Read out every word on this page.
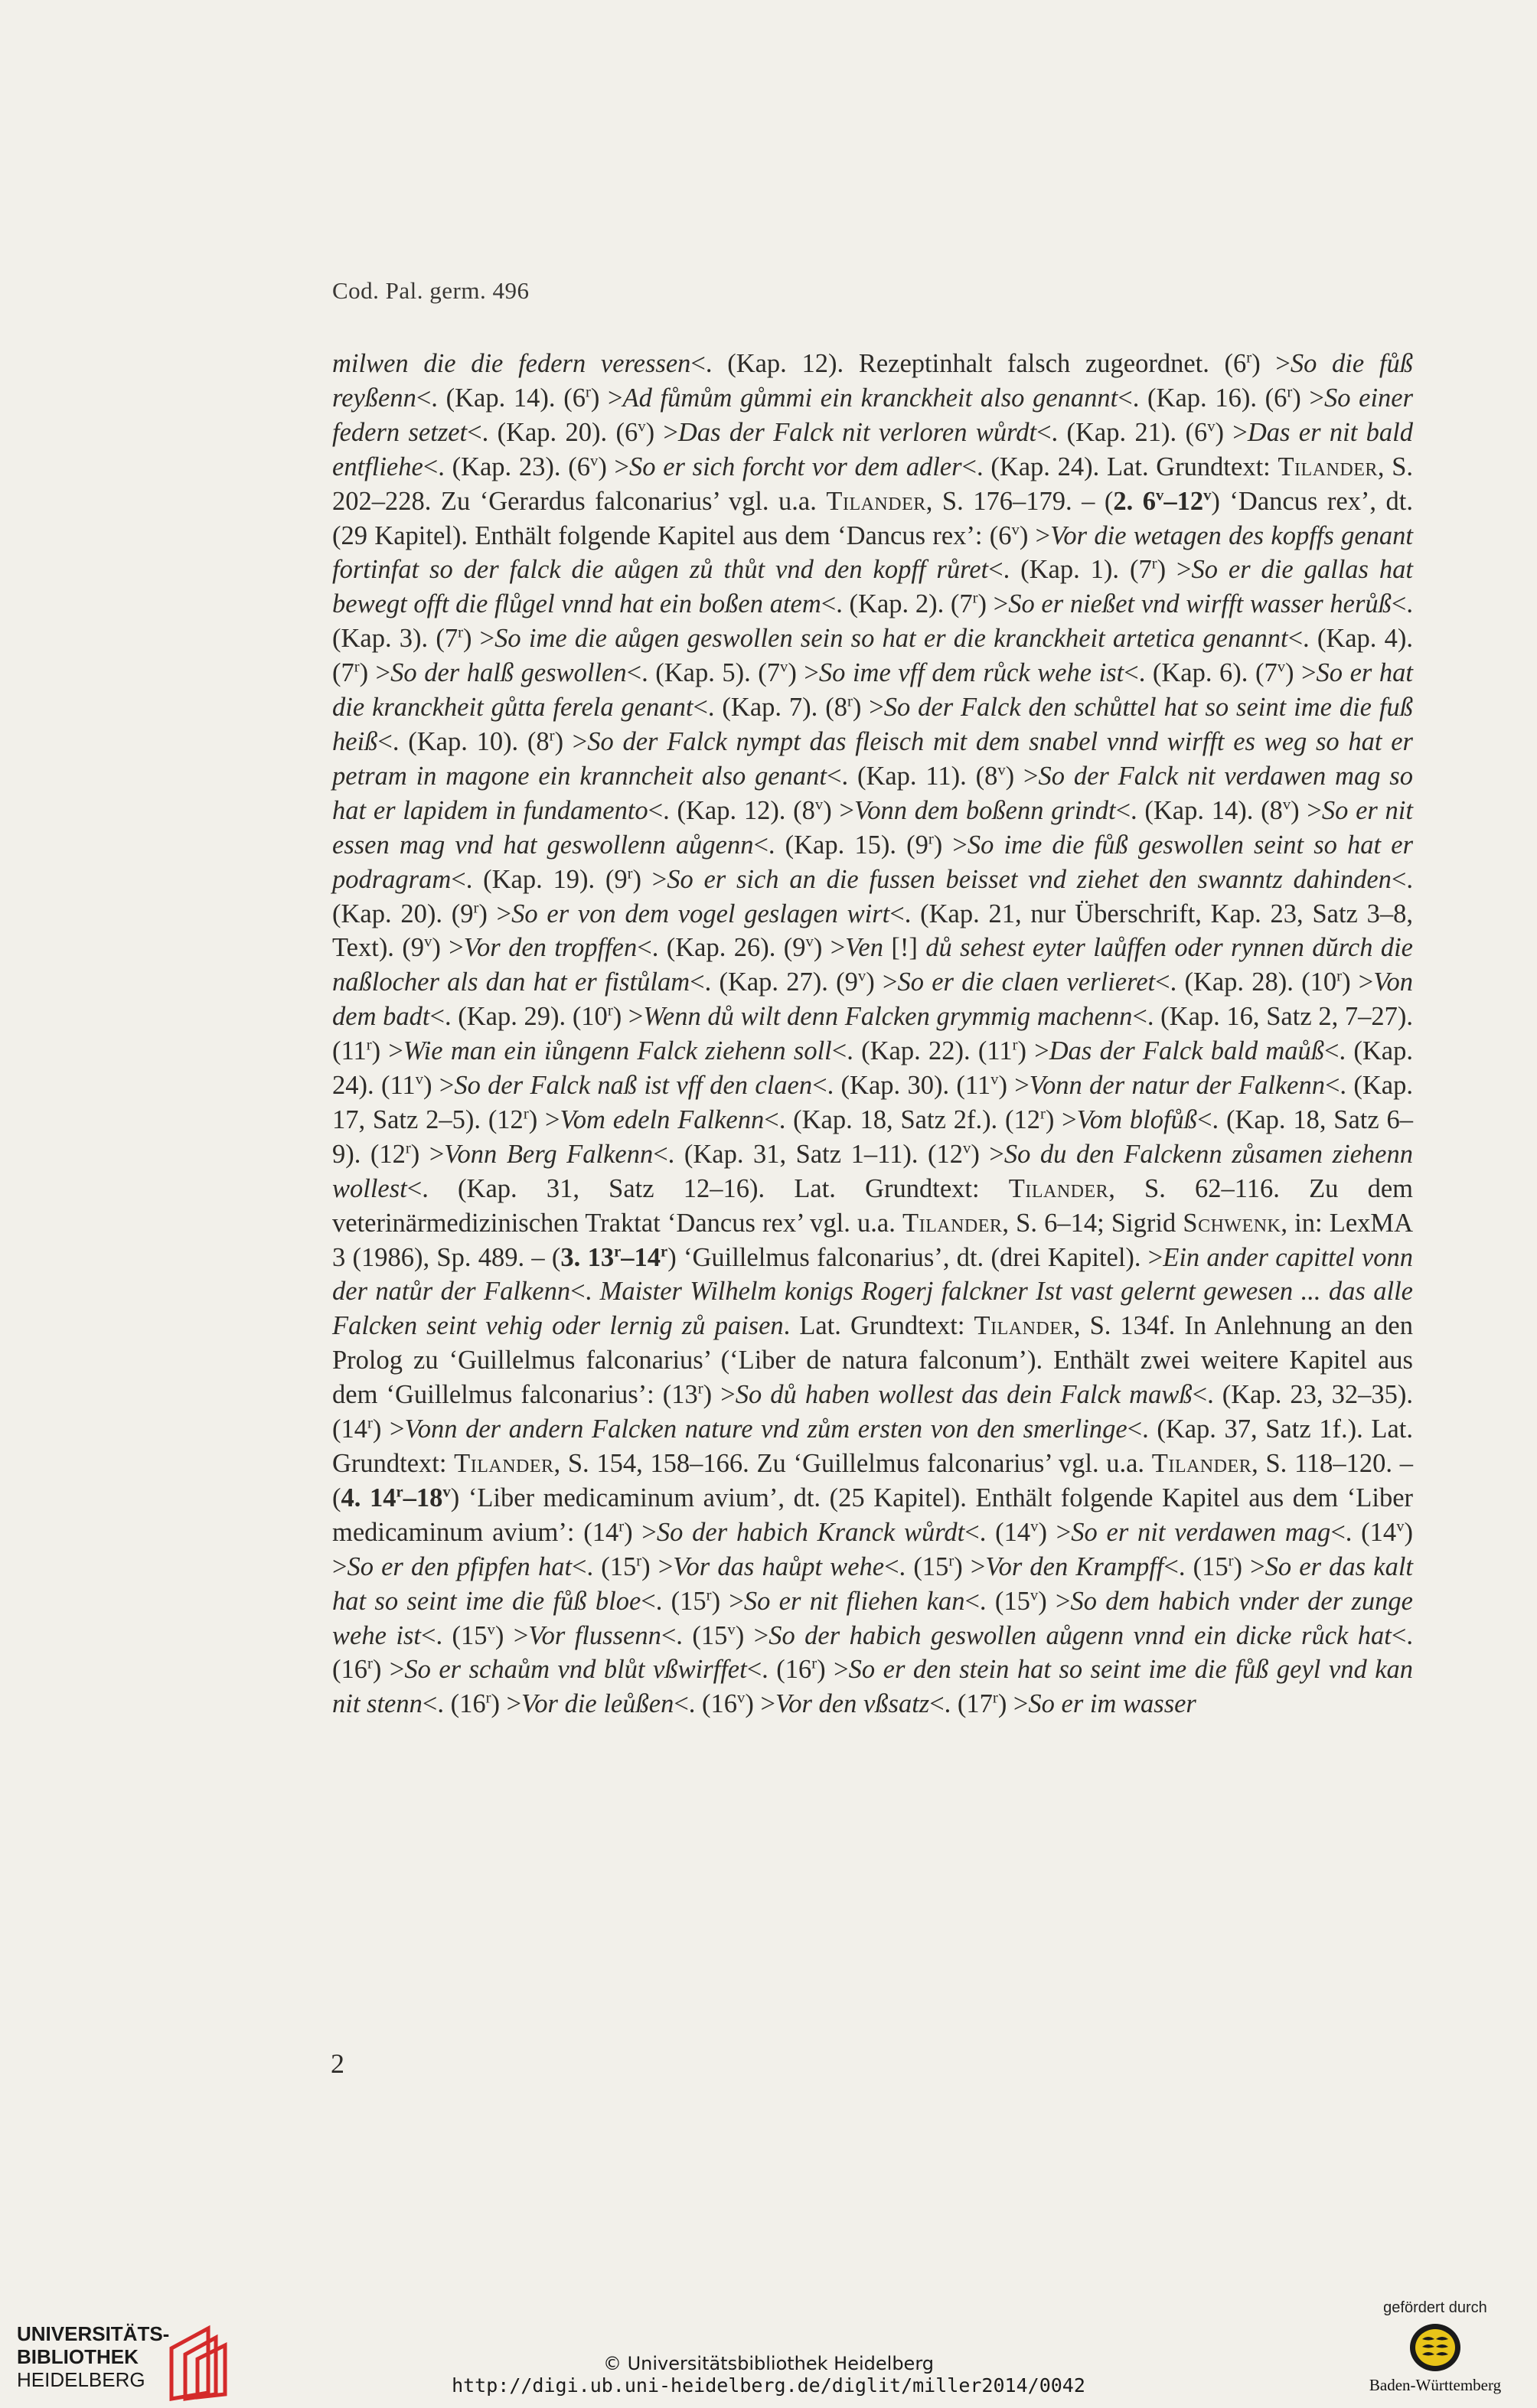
Cod. Pal. germ. 496
milwen die die federn veressen<. (Kap. 12). Rezeptinhalt falsch zugeordnet. $(6^r) >So$ die fůß reyßenn<. (Kap. 14). $(6^r) >Ad$ fůmům gůmmi ein kranckheit also genannt<. (Kap. 16). $(6^r) >So$ einer federn setzet<. (Kap. 20). $(6^v) >Das$ der Falck nit verloren wůrdt<. (Kap. 21). $(6^v) >Das$ er nit bald entfliehe<. (Kap. 23). $(6^v) >So$ er sich forcht vor dem adler<. (Kap. 24). Lat. Grundtext: Tilander, S. 202–228. Zu ‘Gerardus falconarius’ vgl. u.a. Tilander, S. 176–179. – (2. 6$^v$–12$^v$) ‘Dancus rex’, dt. (29 Kapitel). Enthält folgende Kapitel aus dem ‘Dancus rex’: $(6^v) >Vor$ die wetagen des kopffs genant fortinfat so der falck die aůgen zů thůt vnd den kopff růret<. (Kap. 1). $(7^r) >So$ er die gallas hat bewegt offt die flůgel vnnd hat ein boßen atem<. (Kap. 2). $(7^r) >So$ er nießet vnd wirfft wasser herůß<. (Kap. 3). $(7^r) >So$ ime die aůgen geswollen sein so hat er die kranckheit artetica genannt<. (Kap. 4). $(7^r) >So$ der halß geswollen<. (Kap. 5). $(7^v) >So$ ime vff dem růck wehe ist<. (Kap. 6). $(7^v) >So$ er hat die kranckheit gůtta ferela genant<. (Kap. 7). $(8^r) >So$ der Falck den schůttel hat so seint ime die fuß heiß<. (Kap. 10). $(8^r) >So$ der Falck nympt das fleisch mit dem snabel vnnd wirfft es weg so hat er petram in magone ein kranncheit also genant<. (Kap. 11). $(8^v) >So$ der Falck nit verdawen mag so hat er lapidem in fundamento<. (Kap. 12). $(8^v)$ >Vonn dem boßenn grindt<. (Kap. 14). $(8^v) >So$ er nit essen mag vnd hat geswollenn aůgenn<. (Kap. 15). $(9^r) >So$ ime die fůß geswollen seint so hat er podragram<. (Kap. 19). $(9^r) >So$ er sich an die fussen beisset vnd ziehet den swanntz dahinden<. (Kap. 20). $(9^r) >So$ er von dem vogel geslagen wirt<. (Kap. 21, nur Überschrift, Kap. 23, Satz 3–8, Text). $(9^v) >Vor$ den tropffen<. (Kap. 26). $(9^v) >Ven$ [!] dů sehest eyter laůffen oder rynnen dŭrch die naßlocher als dan hat er fistůlam<. (Kap. 27). $(9^v) >So$ er die claen verlieret<. (Kap. 28). $(10^r) >Von$ dem badt<. (Kap. 29). $(10^r)$ >Wenn dů wilt denn Falcken grymmig machenn<. (Kap. 16, Satz 2, 7–27). $(11^r) >Wie$ man ein iůngenn Falck ziehenn soll<. (Kap. 22). $(11^r) >Das$ der Falck bald maůß<. (Kap. 24). $(11^v) >So$ der Falck naß ist vff den claen<. (Kap. 30). $(11^v)$ >Vonn der natur der Falkenn<. (Kap. 17, Satz 2–5). $(12^r) >Vom$ edeln Falkenn<. (Kap. 18, Satz 2f.). $(12^r) >Vom$ blofůß<. (Kap. 18, Satz 6–9). $(12^r)$ >Vonn Berg Falkenn<. (Kap. 31, Satz 1–11). $(12^v) >So$ du den Falckenn zůsamen ziehenn wollest<. (Kap. 31, Satz 12–16). Lat. Grundtext: Tilander, S. 62–116. Zu dem veterinärmedizinischen Traktat ‘Dancus rex’ vgl. u.a. Tilander, S. 6–14; Sigrid Schwenk, in: LexMA 3 (1986), Sp. 489. – (3. 13$^r$–14$^r$) ‘Guillelmus falconarius’, dt. (drei Kapitel). >Ein ander capittel vonn der natůr der Falkenn<. Maister Wilhelm konigs Rogerj falckner Ist vast gelernt gewesen ... das alle Falcken seint vehig oder lernig zů paisen. Lat. Grundtext: Tilander, S. 134f. In Anlehnung an den Prolog zu ‘Guillelmus falconarius’ (‘Liber de natura falconum’). Enthält zwei weitere Kapitel aus dem ‘Guillelmus falconarius’: $(13^r) >So$ dů haben wollest das dein Falck mawß<. (Kap. 23, 32–35). $(14^r)$ >Vonn der andern Falcken nature vnd zům ersten von den smerlinge<. (Kap. 37, Satz 1f.). Lat. Grundtext: Tilander, S. 154, 158–166. Zu ‘Guillelmus falconarius’ vgl. u.a. Tilander, S. 118–120. – (4. 14$^r$–18$^v$) ‘Liber medicaminum avium’, dt. (25 Kapitel). Enthält folgende Kapitel aus dem ‘Liber medicaminum avium’: $(14^r) >So$ der habich Kranck wůrdt<. $(14^v) >So$ er nit verdawen mag<. $(14^v) >So$ er den pfipfen hat<. $(15^r) >Vor$ das haůpt wehe<. $(15^r) >Vor$ den Krampff<. $(15^r) >So$ er das kalt hat so seint ime die fůß bloe<. $(15^r) >So$ er nit fliehen kan<. $(15^v) >So$ dem habich vnder der zunge wehe ist<. $(15^v) >Vor$ flussenn<. $(15^v) >So$ der habich geswollen aůgenn vnnd ein dicke růck hat<. $(16^r) >So$ er schaům vnd blůt vßwirffet<. $(16^r) >So$ er den stein hat so seint ime die fůß geyl vnd kan nit stenn<. $(16^r) >Vor$ die leůßen<. $(16^v) >Vor$ den vßsatz<. $(17^r) >So$ er im wasser
2
UNIVERSITÄTS-
BIBLIOTHEK
HEIDELBERG
© Universitätsbibliothek Heidelberg
http://digi.ub.uni-heidelberg.de/diglit/miller2014/0042
gefördert durch
Baden-Württemberg
